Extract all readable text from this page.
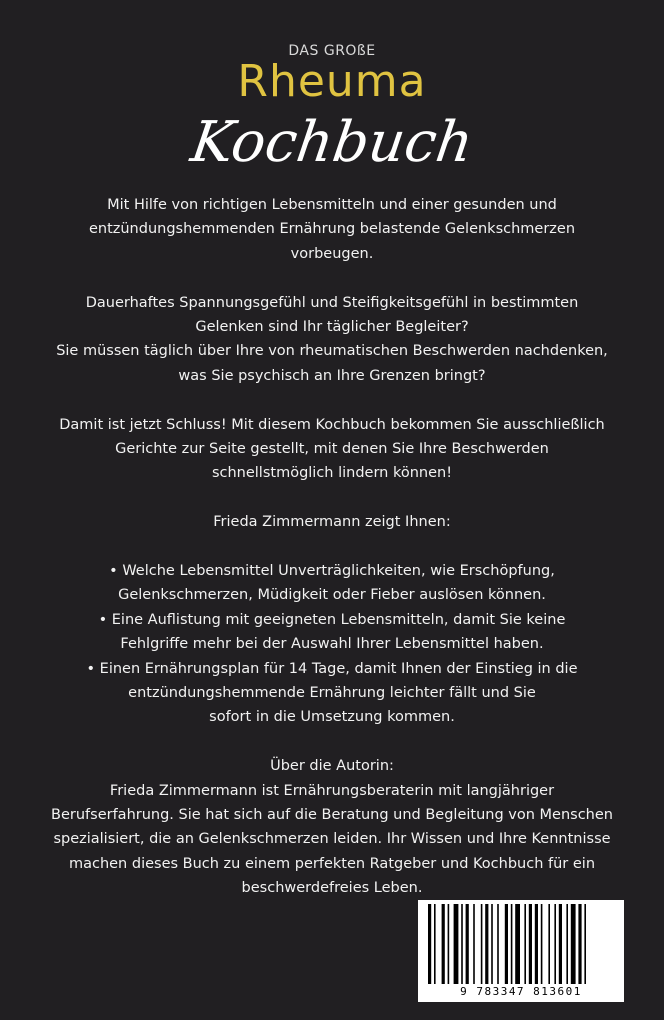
DAS GROßE
Rheuma
Kochbuch

Mit Hilfe von richtigen Lebensmitteln und einer gesunden und
entzündungshemmenden Ernährung belastende Gelenkschmerzen
vorbeugen.

Dauerhaftes Spannungsgefühl und Steifigkeitsgefühl in bestimmten
Gelenken sind Ihr täglicher Begleiter?
Sie müssen täglich über Ihre von rheumatischen Beschwerden nachdenken,
was Sie psychisch an Ihre Grenzen bringt?

Damit ist jetzt Schluss! Mit diesem Kochbuch bekommen Sie ausschließlich
Gerichte zur Seite gestellt, mit denen Sie Ihre Beschwerden
schnellstmöglich lindern können!

Frieda Zimmermann zeigt Ihnen:

• Welche Lebensmittel Unverträglichkeiten, wie Erschöpfung,
Gelenkschmerzen, Müdigkeit oder Fieber auslösen können.

• Eine Auflistung mit geeigneten Lebensmitteln, damit Sie keine
Fehlgriffe mehr bei der Auswahl Ihrer Lebensmittel haben.

• Einen Ernährungsplan für 14 Tage, damit Ihnen der Einstieg in die
entzündungshemmende Ernährung leichter fällt und Sie
sofort in die Umsetzung kommen.

Über die Autorin:

Frieda Zimmermann ist Ernährungsberaterin mit langjähriger

Berufserfahrung. Sie hat sich auf die Beratung und Begleitung von Menschen

spezialisiert, die an Gelenkschmerzen leiden. Ihr Wissen und Ihre Kenntnisse

machen dieses Buch zu einem perfekten Ratgeber und Kochbuch für ein

beschwerdefreies Leben.

9 783347 813601
